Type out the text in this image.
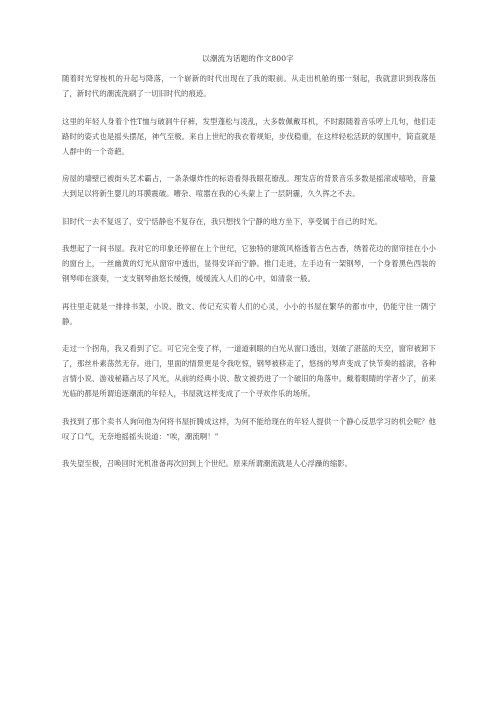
以潮流为话题的作文800字

随着时光穿梭机的升起与降落，一个崭新的时代出现在了我的眼前。从走出机舱的那一刻起，我就意识到我落伍了，新时代的潮流洗刷了一切旧时代的痕迹。

这里的年轻人身着个性T恤与破洞牛仔裤，发型蓬松与凌乱，大多数佩戴耳机，不时跟随着音乐哼上几句，他们走路时的姿式也是摇头摆尾，神气至极。来自上世纪的我衣着规矩，步伐稳重，在这样轻松活跃的氛围中，简直就是人群中的一个奇葩。

房屋的墙壁已被街头艺术霸占，一条条爆炸性的标语看得我眼花缭乱。理发店的背景音乐多数是摇滚或嘻哈，音量大到足以将新生婴儿的耳膜震破。嘈杂、喧嚣在我的心头蒙上了一层阴霾，久久挥之不去。

旧时代一去不复返了，安宁恬静也不复存在，我只想找个宁静的地方坐下，享受属于自己的时光。

我想起了一间书屋。我对它的印象还停留在上个世纪，它独特的建筑风格透着古色古香，绣着花边的窗帘挂在小小的窗台上，一丝幽黄的灯光从窗帘中透出，显得安详而宁静。推门走进，左手边有一架钢琴，一个身着黑色西装的钢琴师在演奏，一支支钢琴曲悠长缓慢，缓缓流入人们的心中，如清泉一般。

再往里走就是一排排书架，小说、散文、传记充实着人们的心灵，小小的书屋在繁华的都市中，仍能守住一隅宁静。

走过一个拐角，我又看到了它。可它完全变了样，一道道刺眼的白光从窗口透出，划破了湛蓝的天空，窗帘被卸下了，那丝朴素荡然无存。进门，里面的情景更是令我吃惊，钢琴被移走了，悠扬的琴声变成了快节奏的摇滚，各种言情小说、游戏秘籍占尽了风光，从前的经典小说、散文被扔进了一个破旧的角落中。戴着眼睛的学者少了，前来光临的都是所谓追逐潮流的年轻人，书屋就这样变成了一个寻欢作乐的场所。

我找到了那个卖书人询问他为何将书屋折腾成这样，为何不能给现在的年轻人提供一个静心反思学习的机会呢？他叹了口气，无奈地摇摇头说道：“唉，潮流啊！”

我失望至极，召唤回时光机准备再次回到上个世纪。原来所谓潮流就是人心浮躁的缩影。
